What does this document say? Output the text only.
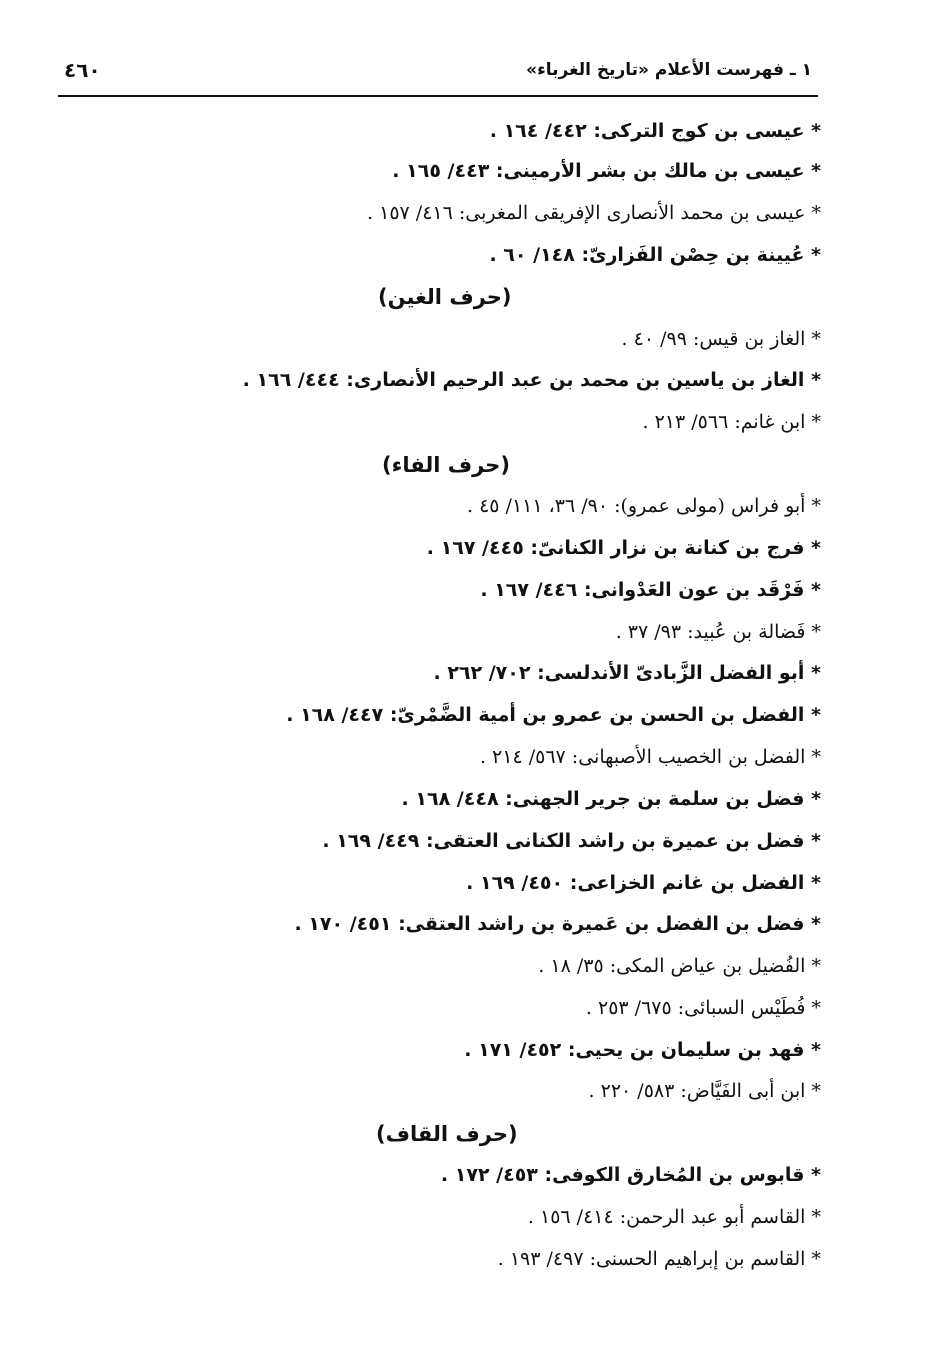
١ ـ فهرست الأعلام «تاريخ الغرباء»
٤٦٠
* عيسى بن كوج التركى: ٤٤٢/ ١٦٤ .
* عيسى بن مالك بن بشر الأرمينى: ٤٤٣/ ١٦٥ .
* عيسى بن محمد الأنصارى الإفريقى المغربى: ٤١٦/ ١٥٧ .
* عُيينة بن حِصْن الفَزارىّ: ١٤٨/ ٦٠ .
(حرف الغين)
* الغاز بن قيس: ٩٩/ ٤٠ .
* الغاز بن ياسين بن محمد بن عبد الرحيم الأنصارى: ٤٤٤/ ١٦٦ .
* ابن غانم: ٥٦٦/ ٢١٣ .
(حرف الفاء)
* أبو فراس (مولى عمرو): ٩٠/ ٣٦، ١١١/ ٤٥ .
* فرج بن كنانة بن نزار الكنانىّ: ٤٤٥/ ١٦٧ .
* فَرْقَد بن عون العَدْوانى: ٤٤٦/ ١٦٧ .
* فَضالة بن عُبيد: ٩٣/ ٣٧ .
* أبو الفضل الزَّبادىّ الأندلسى: ٧٠٢/ ٢٦٢ .
* الفضل بن الحسن بن عمرو بن أمية الضَّمْرىّ: ٤٤٧/ ١٦٨ .
* الفضل بن الخصيب الأصبهانى: ٥٦٧/ ٢١٤ .
* فضل بن سلمة بن جرير الجهنى: ٤٤٨/ ١٦٨ .
* فضل بن عميرة بن راشد الكنانى العتقى: ٤٤٩/ ١٦٩ .
* الفضل بن غانم الخزاعى: ٤٥٠/ ١٦٩ .
* فضل بن الفضل بن عَميرة بن راشد العتقى: ٤٥١/ ١٧٠ .
* الفُضيل بن عياض المكى: ٣٥/ ١٨ .
* فُطَيْس السبائى: ٦٧٥/ ٢٥٣ .
* فهد بن سليمان بن يحيى: ٤٥٢/ ١٧١ .
* ابن أبى الفَيَّاض: ٥٨٣/ ٢٢٠ .
(حرف القاف)
* قابوس بن المُخارق الكوفى: ٤٥٣/ ١٧٢ .
* القاسم أبو عبد الرحمن: ٤١٤/ ١٥٦ .
* القاسم بن إبراهيم الحسنى: ٤٩٧/ ١٩٣ .
